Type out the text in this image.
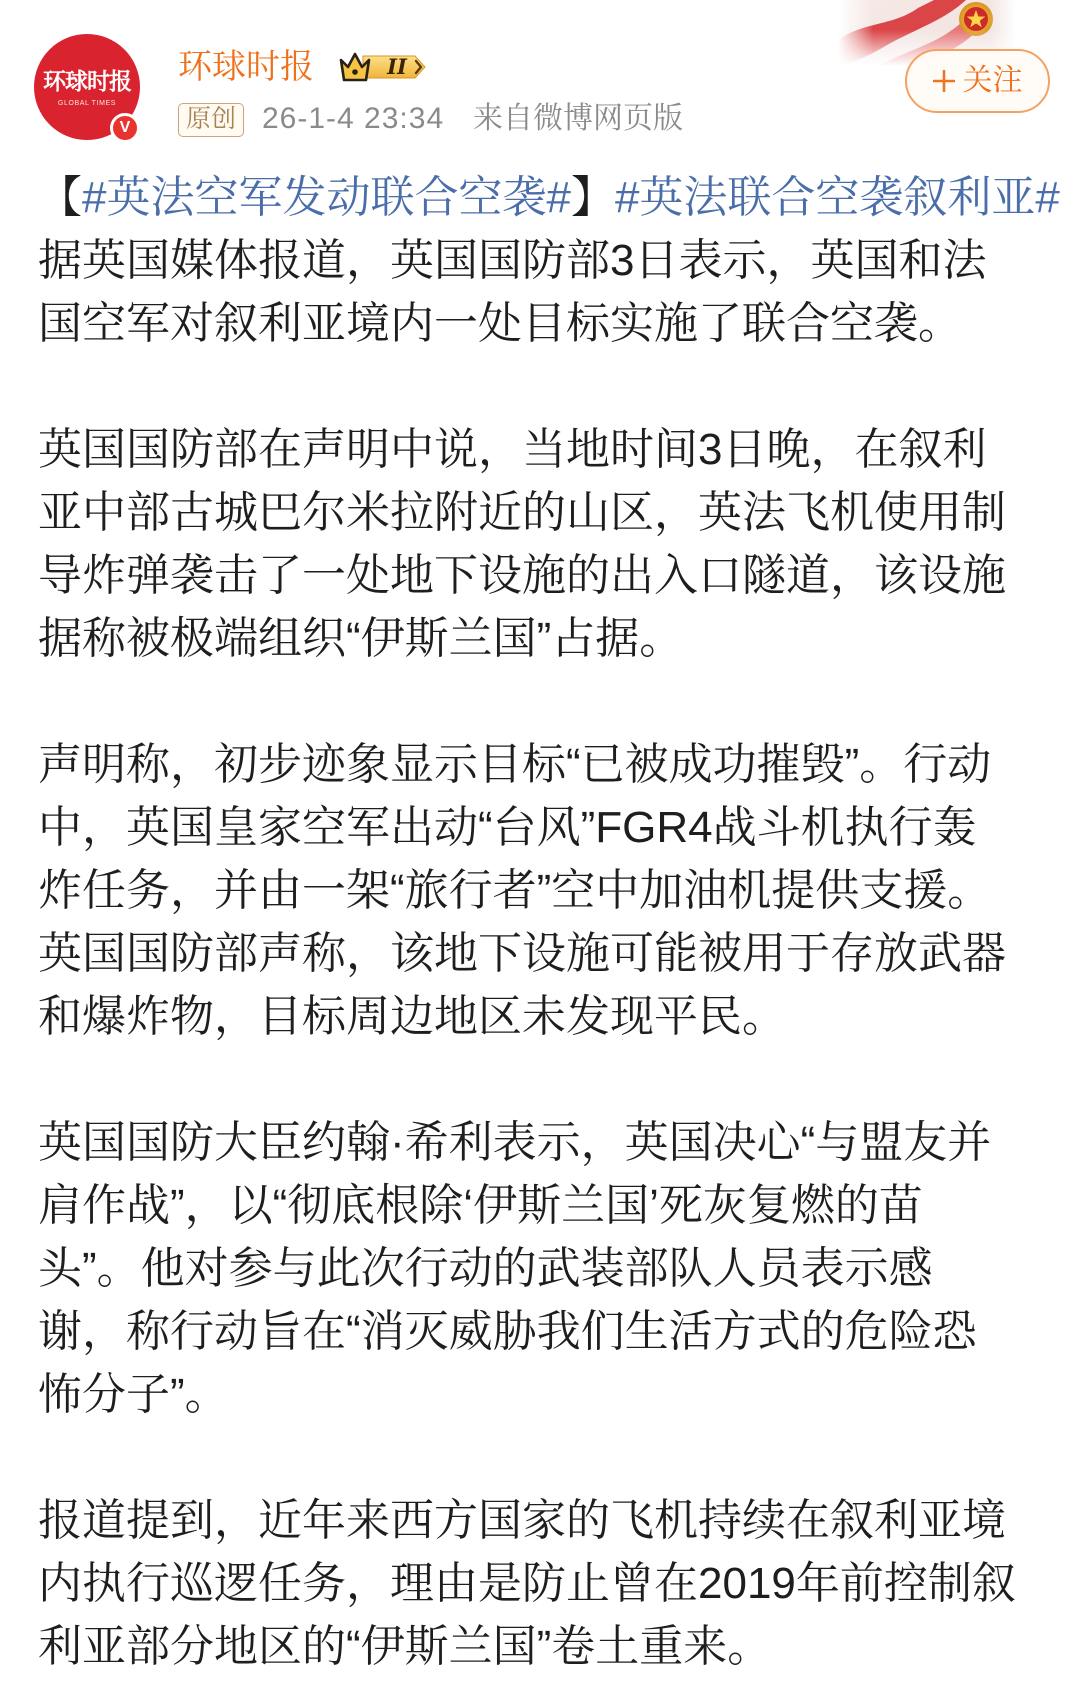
环球时报
GLOBAL TIMES
V
环球时报	II
原创 26-1-4 23:34 来自微博网页版
关注
【#英法空军发动联合空袭#】#英法联合空袭叙利亚#
据英国媒体报道，英国国防部3日表示，英国和法
国空军对叙利亚境内一处目标实施了联合空袭。
英国国防部在声明中说，当地时间3日晚，在叙利
亚中部古城巴尔米拉附近的山区，英法飞机使用制
导炸弹袭击了一处地下设施的出入口隧道，该设施
据称被极端组织“伊斯兰国”占据。
声明称，初步迹象显示目标“已被成功摧毁”。行动
中，英国皇家空军出动“台风”FGR4战斗机执行轰
炸任务，并由一架“旅行者”空中加油机提供支援。
英国国防部声称，该地下设施可能被用于存放武器
和爆炸物，目标周边地区未发现平民。
英国国防大臣约翰·希利表示，英国决心“与盟友并
肩作战”，以“彻底根除‘伊斯兰国’死灰复燃的苗
头”。他对参与此次行动的武装部队人员表示感
谢，称行动旨在“消灭威胁我们生活方式的危险恐
怖分子”。
报道提到，近年来西方国家的飞机持续在叙利亚境
内执行巡逻任务，理由是防止曾在2019年前控制叙
利亚部分地区的“伊斯兰国”卷土重来。
